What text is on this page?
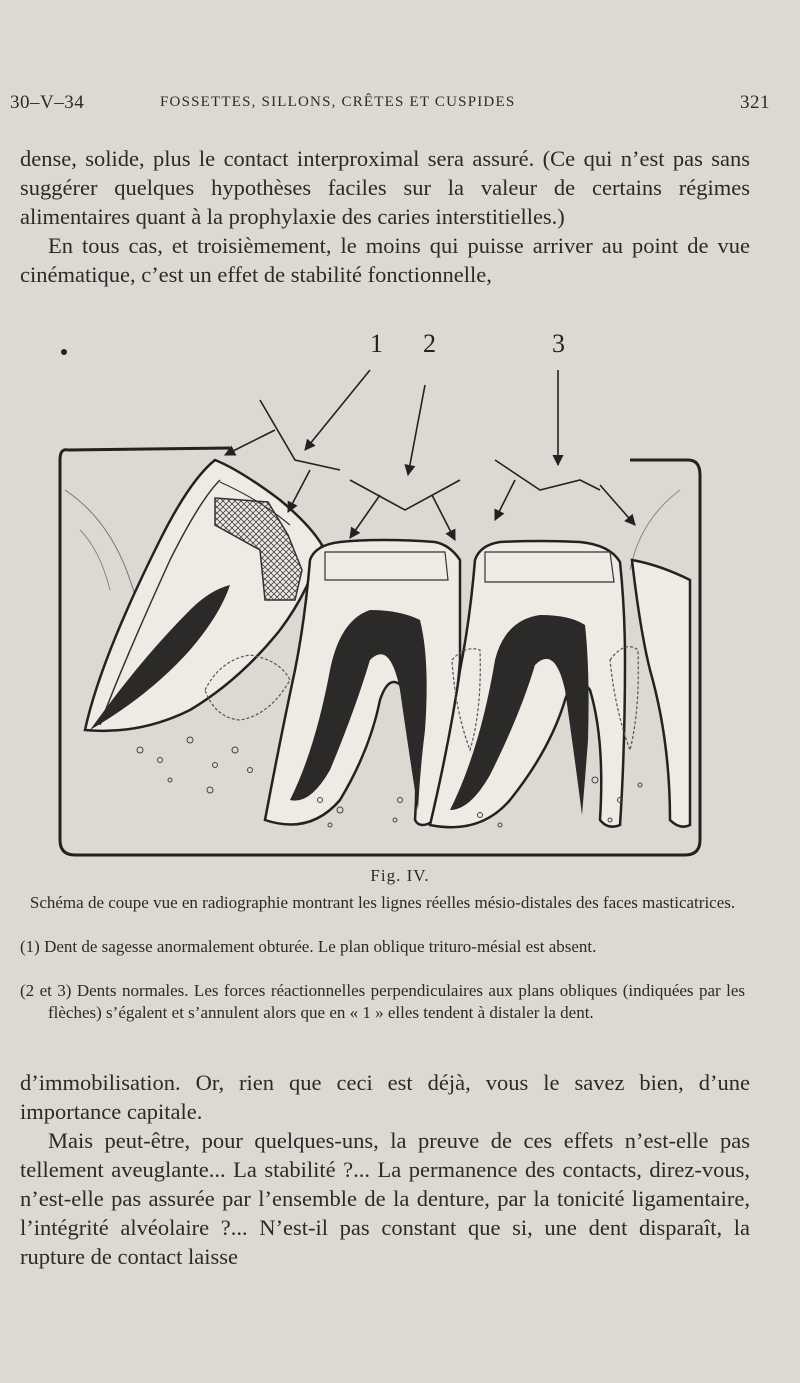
30–V–34	FOSSETTES, SILLONS, CRÊTES ET CUSPIDES	321

dense, solide, plus le contact interproximal sera assuré. (Ce qui n’est pas sans suggérer quelques hypothèses faciles sur la valeur de certains régimes alimentaires quant à la prophylaxie des caries interstitielles.)

En tous cas, et troisièmement, le moins qui puisse arriver au point de vue cinématique, c’est un effet de stabilité fonctionnelle,

1 2	3
Fig. IV.
Schéma de coupe vue en radiographie montrant les lignes réelles mésio-distales des faces masticatrices.
(1) Dent de sagesse anormalement obturée. Le plan oblique trituro-mésial est absent.
(2 et 3) Dents normales. Les forces réactionnelles perpendiculaires aux plans obliques (indiquées par les flèches) s’égalent et s’annulent alors que en « 1 » elles tendent à distaler la dent.

d’immobilisation. Or, rien que ceci est déjà, vous le savez bien, d’une importance capitale.

Mais peut-être, pour quelques-uns, la preuve de ces effets n’est-elle pas tellement aveuglante... La stabilité ?... La permanence des contacts, direz-vous, n’est-elle pas assurée par l’ensemble de la denture, par la tonicité ligamentaire, l’intégrité alvéolaire ?... N’est-il pas constant que si, une dent disparaît, la rupture de contact laisse
